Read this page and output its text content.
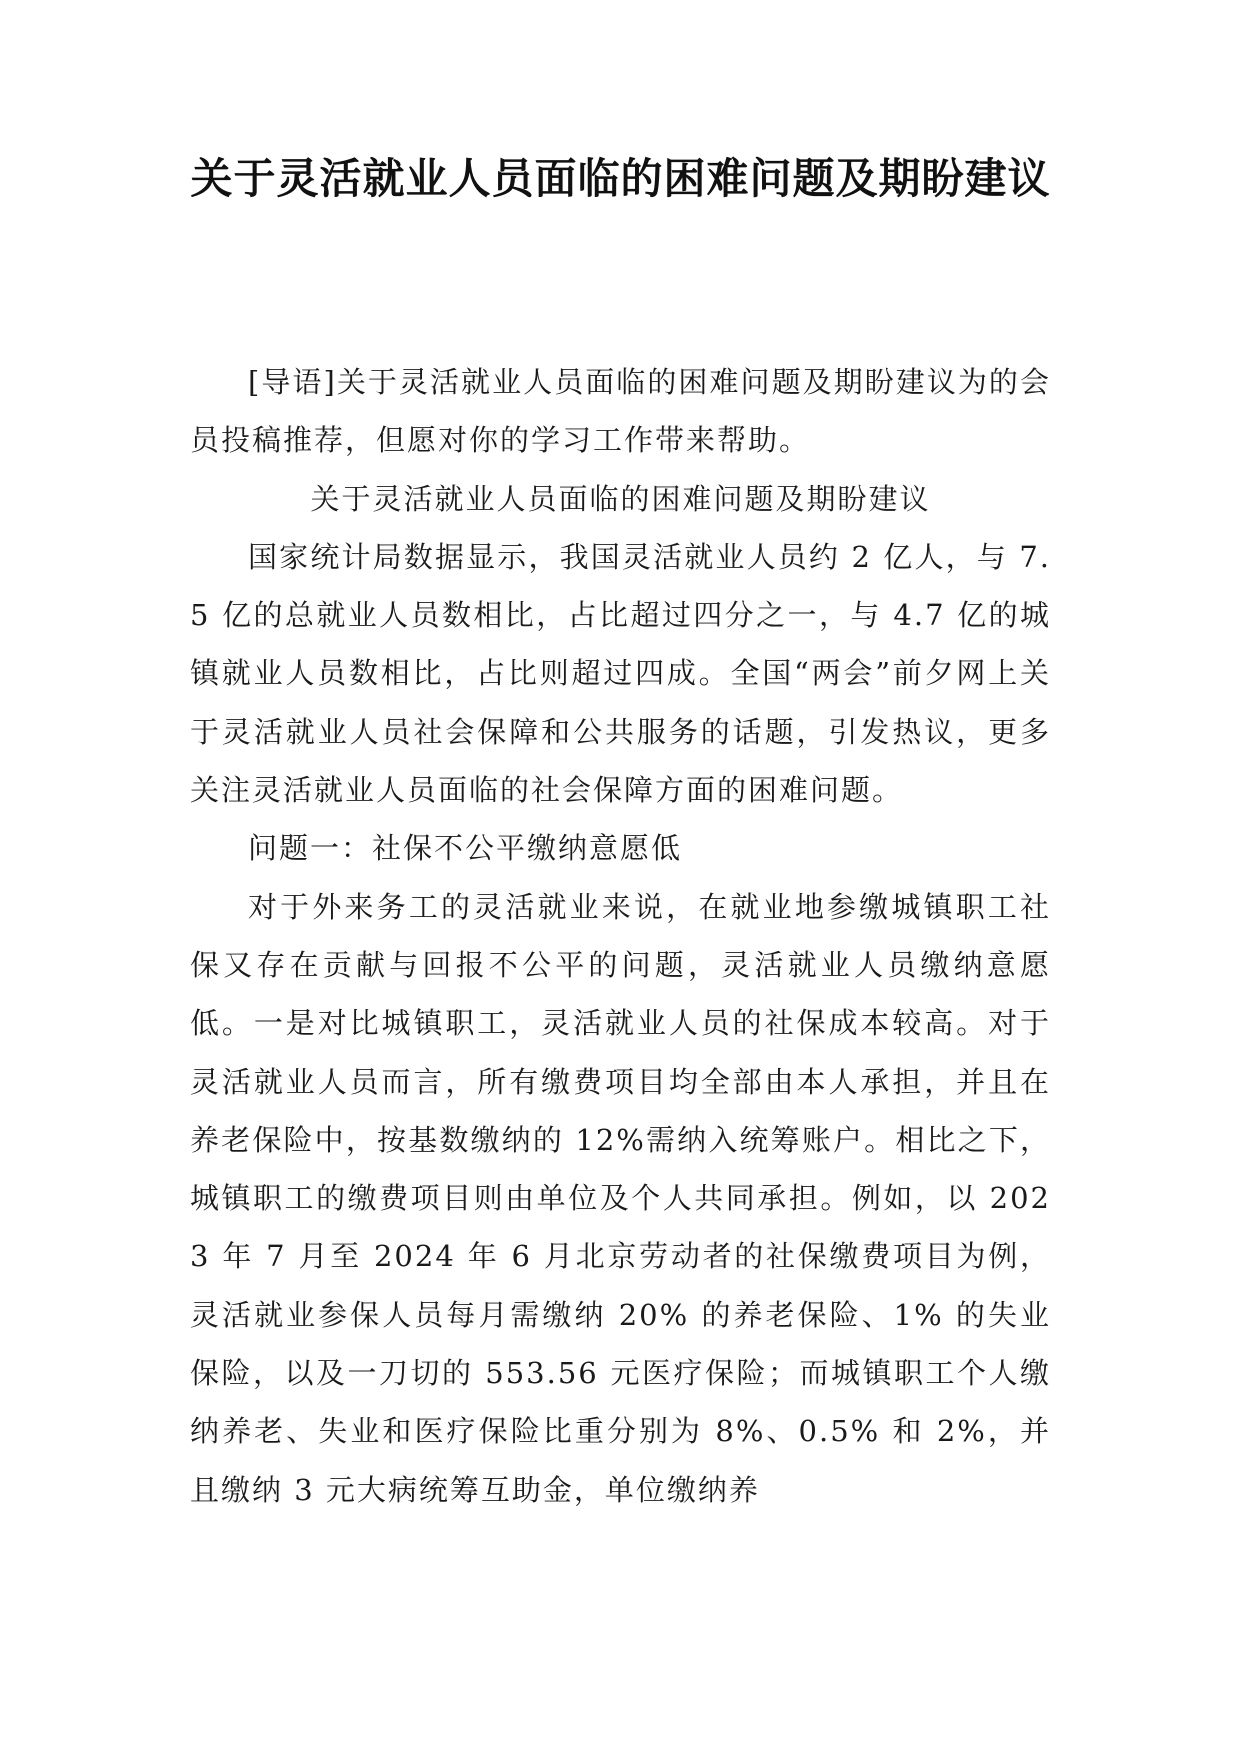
关于灵活就业人员面临的困难问题及期盼建议

[导语]关于灵活就业人员面临的困难问题及期盼建议为的会员投稿推荐，但愿对你的学习工作带来帮助。

关于灵活就业人员面临的困难问题及期盼建议

国家统计局数据显示，我国灵活就业人员约 2 亿人，与 7.5 亿的总就业人员数相比，占比超过四分之一，与 4.7 亿的城镇就业人员数相比，占比则超过四成。全国“两会”前夕网上关于灵活就业人员社会保障和公共服务的话题，引发热议，更多关注灵活就业人员面临的社会保障方面的困难问题。

问题一：社保不公平缴纳意愿低

对于外来务工的灵活就业来说，在就业地参缴城镇职工社保又存在贡献与回报不公平的问题，灵活就业人员缴纳意愿低。一是对比城镇职工，灵活就业人员的社保成本较高。对于灵活就业人员而言，所有缴费项目均全部由本人承担，并且在养老保险中，按基数缴纳的 12%需纳入统筹账户。相比之下，城镇职工的缴费项目则由单位及个人共同承担。例如，以 2023 年 7 月至 2024 年 6 月北京劳动者的社保缴费项目为例，灵活就业参保人员每月需缴纳 20% 的养老保险、1% 的失业保险，以及一刀切的 553.56 元医疗保险；而城镇职工个人缴纳养老、失业和医疗保险比重分别为 8%、0.5% 和 2%，并且缴纳 3 元大病统筹互助金，单位缴纳养
